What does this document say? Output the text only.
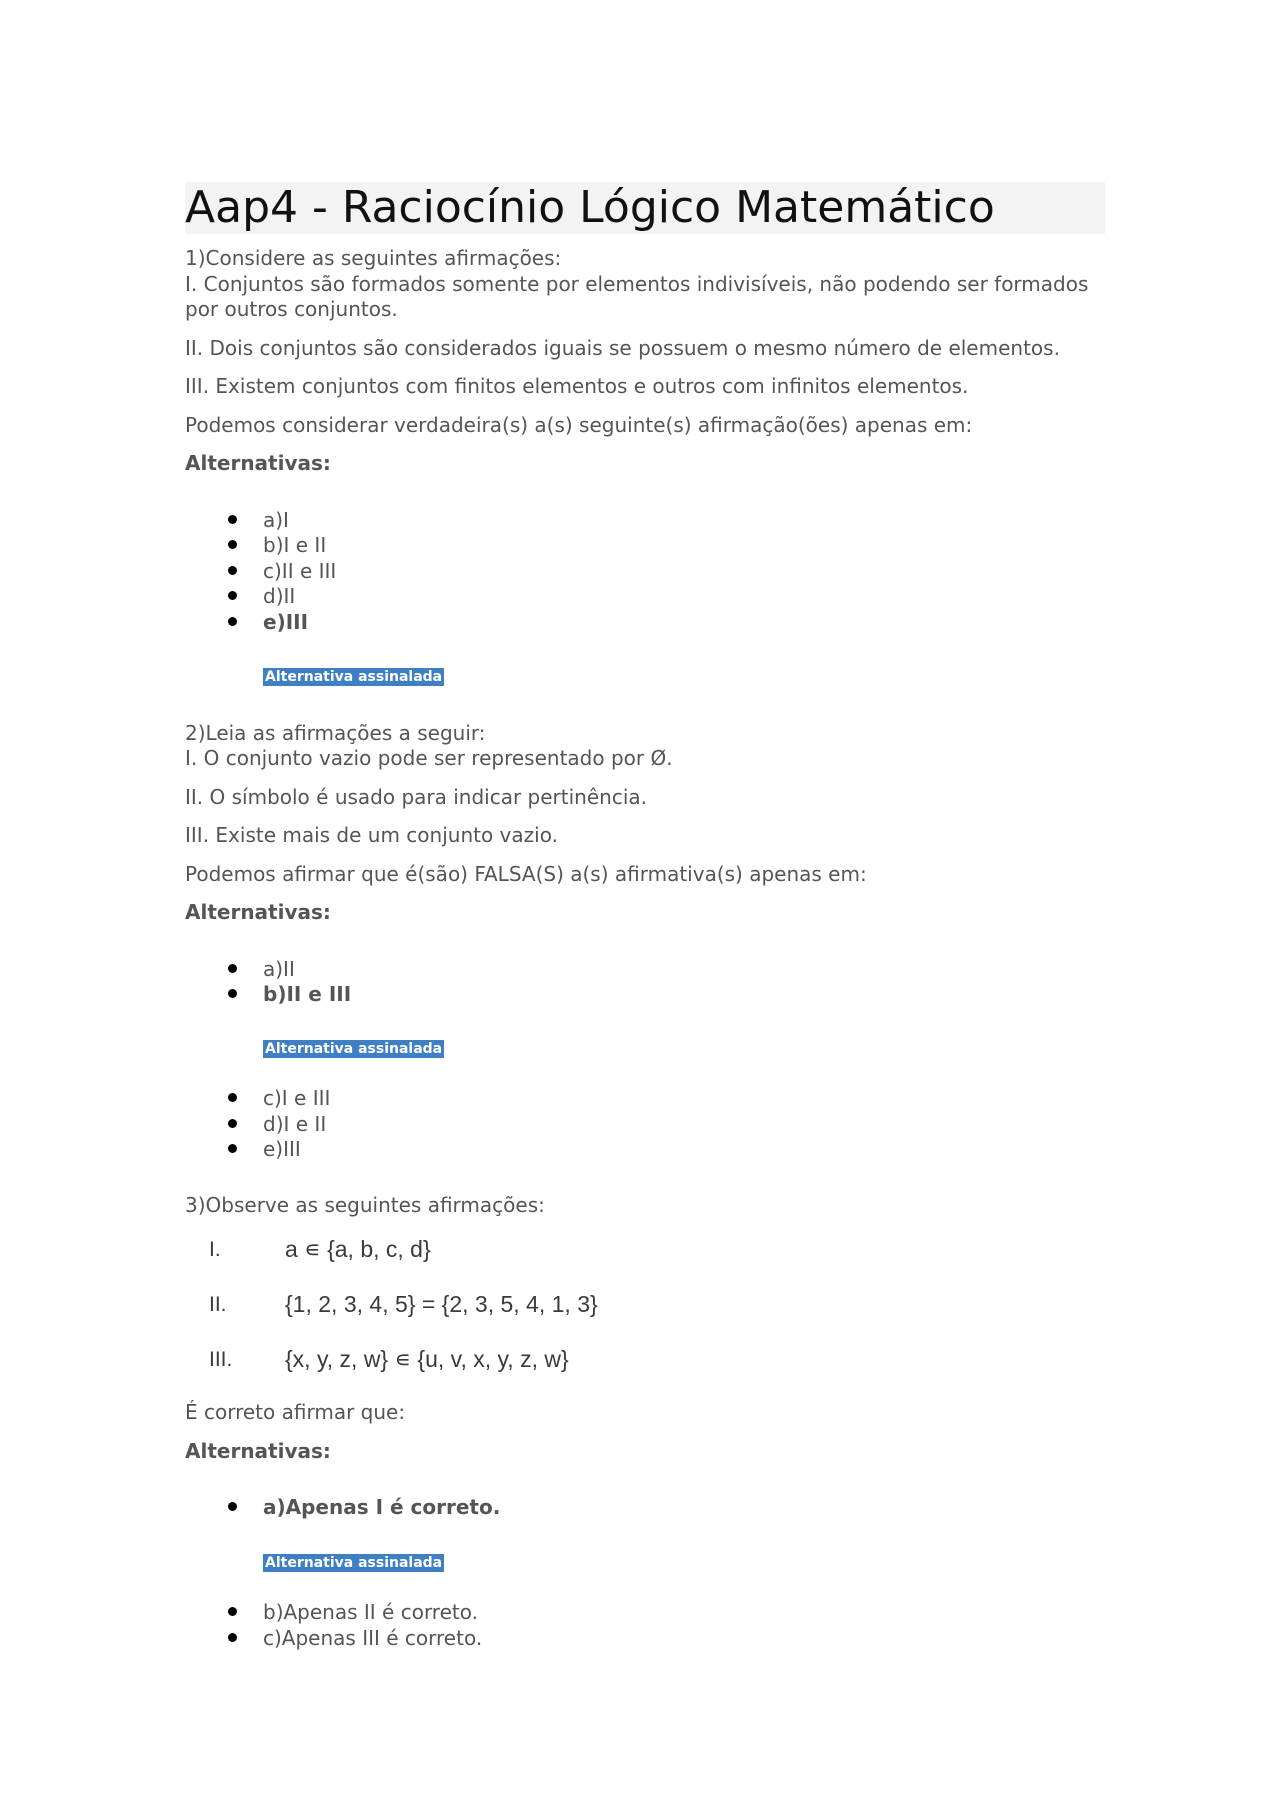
Aap4 - Raciocínio Lógico Matemático

1)Considere as seguintes afirmações:

I. Conjuntos são formados somente por elementos indivisíveis, não podendo ser formados por outros conjuntos.

II. Dois conjuntos são considerados iguais se possuem o mesmo número de elementos.

III. Existem conjuntos com finitos elementos e outros com infinitos elementos.

Podemos considerar verdadeira(s) a(s) seguinte(s) afirmação(ões) apenas em:

Alternativas:

a)I
b)I e II
c)II e III
d)II
e)III
Alternativa assinalada

2)Leia as afirmações a seguir:

I. O conjunto vazio pode ser representado por Ø.

II. O símbolo é usado para indicar pertinência.

III. Existe mais de um conjunto vazio.

Podemos afirmar que é(são) FALSA(S) a(s) afirmativa(s) apenas em:

Alternativas:

a)II
b)II e III
Alternativa assinalada
c)I e III
d)I e II
e)III

3)Observe as seguintes afirmações:

I.	a ∊ {a, b, c, d}
II.	{1, 2, 3, 4, 5} = {2, 3, 5, 4, 1, 3}
III.	{x, y, z, w} ∊ {u, v, x, y, z, w}

É correto afirmar que:

Alternativas:

a)Apenas I é correto.
Alternativa assinalada
b)Apenas II é correto.
c)Apenas III é correto.
